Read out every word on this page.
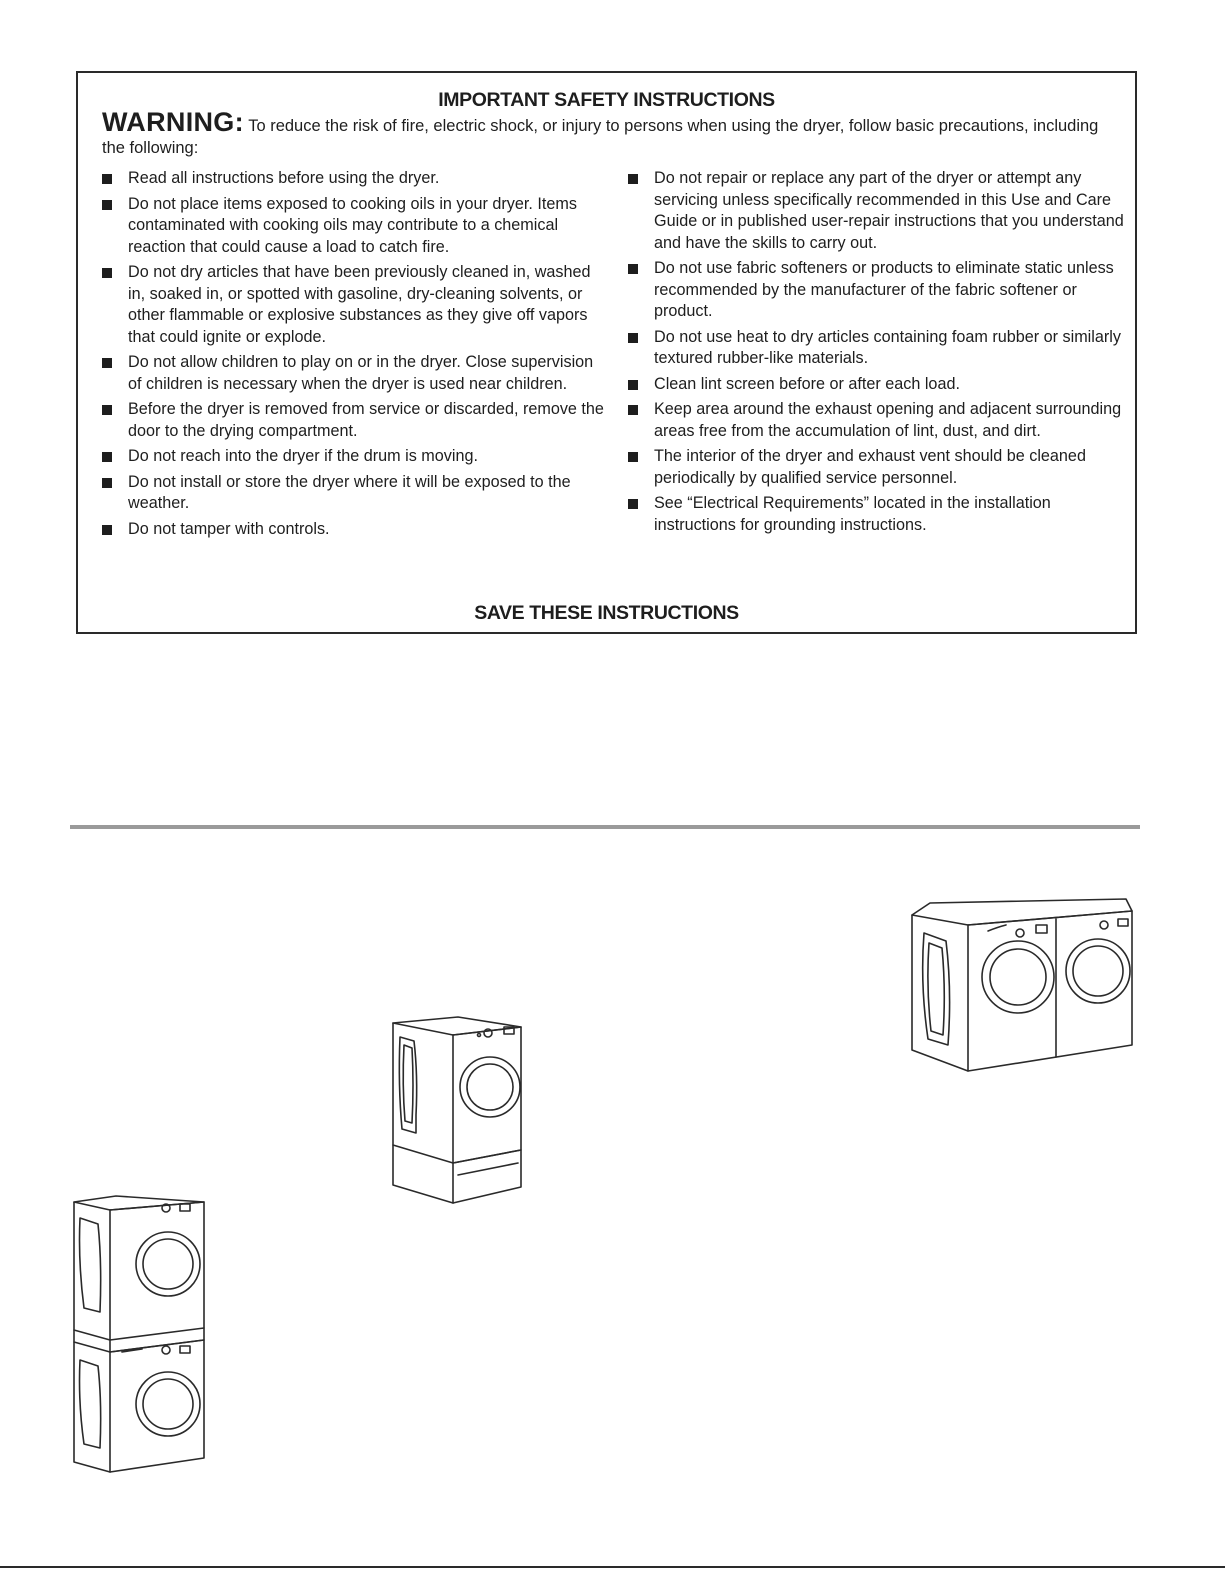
IMPORTANT SAFETY INSTRUCTIONS

WARNING: To reduce the risk of fire, electric shock, or injury to persons when using the dryer, follow basic precautions, including the following:

Read all instructions before using the dryer.
Do not place items exposed to cooking oils in your dryer. Items contaminated with cooking oils may contribute to a chemical reaction that could cause a load to catch fire.
Do not dry articles that have been previously cleaned in, washed in, soaked in, or spotted with gasoline, dry-cleaning solvents, or other flammable or explosive substances as they give off vapors that could ignite or explode.
Do not allow children to play on or in the dryer. Close supervision of children is necessary when the dryer is used near children.
Before the dryer is removed from service or discarded, remove the door to the drying compartment.
Do not reach into the dryer if the drum is moving.
Do not install or store the dryer where it will be exposed to the weather.
Do not tamper with controls.
Do not repair or replace any part of the dryer or attempt any servicing unless specifically recommended in this Use and Care Guide or in published user-repair instructions that you understand and have the skills to carry out.
Do not use fabric softeners or products to eliminate static unless recommended by the manufacturer of the fabric softener or product.
Do not use heat to dry articles containing foam rubber or similarly textured rubber-like materials.
Clean lint screen before or after each load.
Keep area around the exhaust opening and adjacent surrounding areas free from the accumulation of lint, dust, and dirt.
The interior of the dryer and exhaust vent should be cleaned periodically by qualified service personnel.
See “Electrical Requirements” located in the installation instructions for grounding instructions.
SAVE THESE INSTRUCTIONS
